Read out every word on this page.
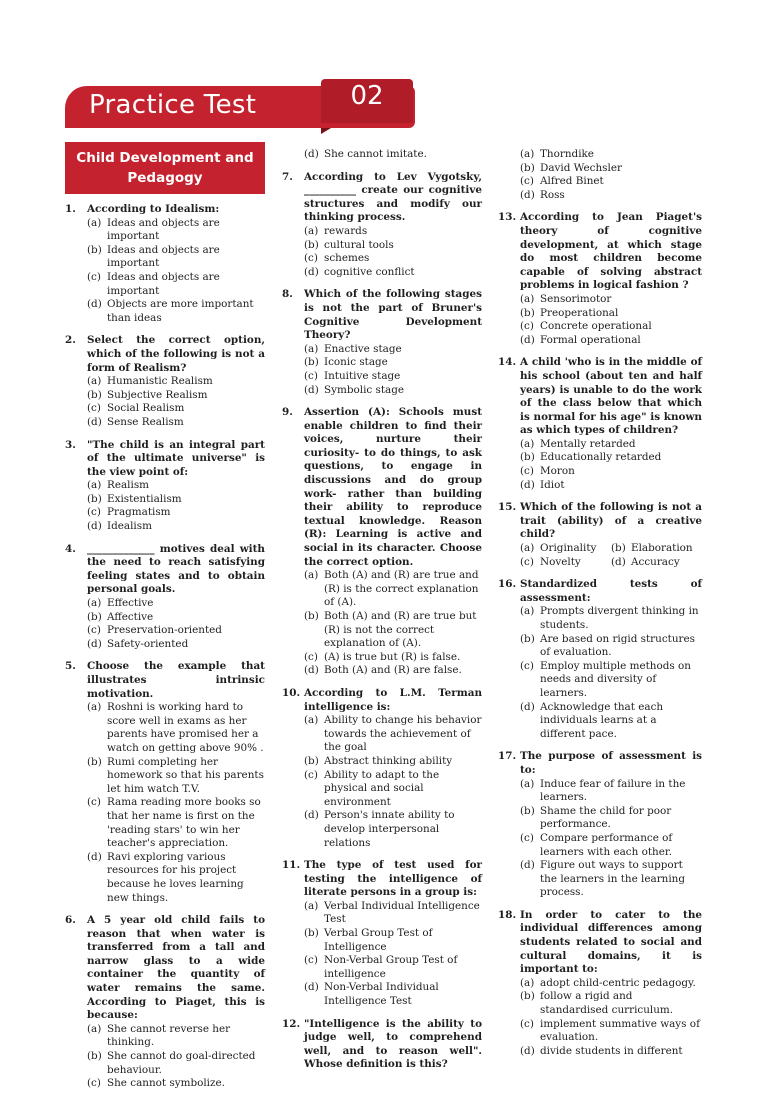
Practice Test	02
Child Development and Pedagogy
1.	According to Idealism:
(a) Ideas and objects are important
(b) Ideas and objects are important
(c) Ideas and objects are important
(d) Objects are more important than ideas
2.	Select the correct option, which of the following is not a form of Realism?
(a) Humanistic Realism
(b) Subjective Realism
(c) Social Realism
(d) Sense Realism
3.	"The child is an integral part of the ultimate universe" is the view point of:
(a) Realism
(b) Existentialism
(c) Pragmatism
(d) Idealism
4.	_____________ motives deal with the need to reach satisfying feeling states and to obtain personal goals.
(a) Effective
(b) Affective
(c) Preservation-oriented
(d) Safety-oriented
5.	Choose the example that illustrates intrinsic motivation.
(a) Roshni is working hard to score well in exams as her parents have promised her a watch on getting above 90% .
(b) Rumi completing her homework so that his parents let him watch T.V.
(c) Rama reading more books so that her name is first on the 'reading stars' to win her teacher's appreciation.
(d) Ravi exploring various resources for his project because he loves learning new things.
6.	A 5 year old child fails to reason that when water is transferred from a tall and narrow glass to a wide container the quantity of water remains the same. According to Piaget, this is because:
(a) She cannot reverse her thinking.
(b) She cannot do goal-directed behaviour.
(c) She cannot symbolize.
(d) She cannot imitate.
7.	According to Lev Vygotsky, __________ create our cognitive structures and modify our thinking process.
(a) rewards
(b) cultural tools
(c) schemes
(d) cognitive conflict
8.	Which of the following stages is not the part of Bruner's Cognitive Development Theory?
(a) Enactive stage
(b) Iconic stage
(c) Intuitive stage
(d) Symbolic stage
9.	Assertion (A): Schools must enable children to find their voices, nurture their curiosity- to do things, to ask questions, to engage in discussions and do group work- rather than building their ability to reproduce textual knowledge. Reason (R): Learning is active and social in its character. Choose the correct option.
(a) Both (A) and (R) are true and (R) is the correct explanation of (A).
(b) Both (A) and (R) are true but (R) is not the correct explanation of (A).
(c) (A) is true but (R) is false.
(d) Both (A) and (R) are false.
10. According to L.M. Terman intelligence is:
(a) Ability to change his behavior towards the achievement of the goal
(b) Abstract thinking ability
(c) Ability to adapt to the physical and social environment
(d) Person's innate ability to develop interpersonal relations
11. The type of test used for testing the intelligence of literate persons in a group is:
(a) Verbal Individual Intelligence Test
(b) Verbal Group Test of Intelligence
(c) Non-Verbal Group Test of intelligence
(d) Non-Verbal Individual Intelligence Test
12. "Intelligence is the ability to judge well, to comprehend well, and to reason well". Whose definition is this?
(a) Thorndike
(b) David Wechsler
(c) Alfred Binet
(d) Ross
13. According to Jean Piaget's theory of cognitive development, at which stage do most children become capable of solving abstract problems in logical fashion ?
(a) Sensorimotor
(b) Preoperational
(c) Concrete operational
(d) Formal operational
14. A child 'who is in the middle of his school (about ten and half years) is unable to do the work of the class below that which is normal for his age" is known as which types of children?
(a) Mentally retarded
(b) Educationally retarded
(c) Moron
(d) Idiot
15. Which of the following is not a trait (ability) of a creative child?
(a) Originality	(b) Elaboration
(c) Novelty	(d) Accuracy
16. Standardized tests of assessment:
(a) Prompts divergent thinking in students.
(b) Are based on rigid structures of evaluation.
(c) Employ multiple methods on needs and diversity of learners.
(d) Acknowledge that each individuals learns at a different pace.
17. The purpose of assessment is to:
(a) Induce fear of failure in the learners.
(b) Shame the child for poor performance.
(c) Compare performance of learners with each other.
(d) Figure out ways to support the learners in the learning process.
18. In order to cater to the individual differences among students related to social and cultural domains, it is important to:
(a) adopt child-centric pedagogy.
(b) follow a rigid and standardised curriculum.
(c) implement summative ways of evaluation.
(d) divide students in different
